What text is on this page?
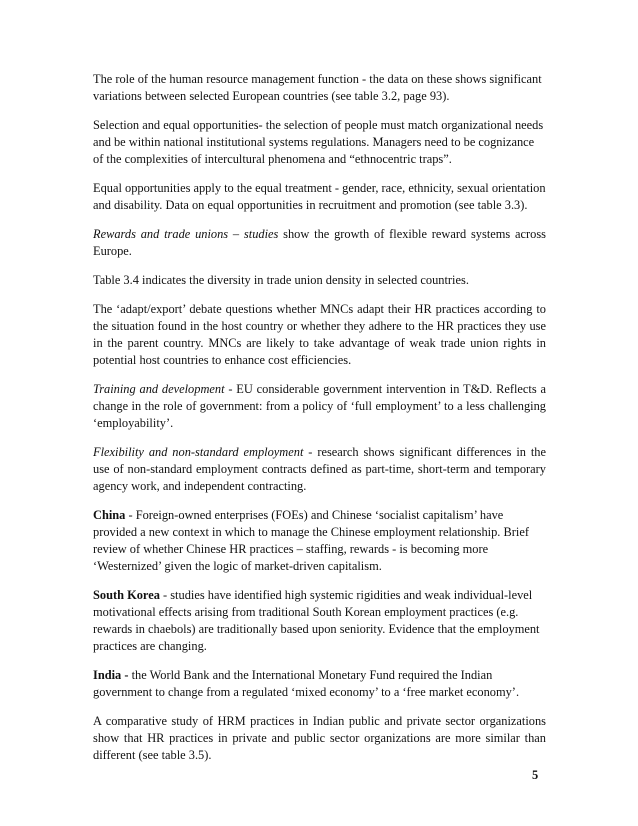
The role of the human resource management function - the data on these shows significant variations between selected European countries (see table 3.2, page 93).

Selection and equal opportunities- the selection of people must match organizational needs and be within national institutional systems regulations. Managers need to be cognizance of the complexities of intercultural phenomena and “ethnocentric traps”.

Equal opportunities apply to the equal treatment - gender, race, ethnicity, sexual orientation and disability. Data on equal opportunities in recruitment and promotion (see table 3.3).

Rewards and trade unions – studies show the growth of flexible reward systems across Europe.

Table 3.4 indicates the diversity in trade union density in selected countries.

The ‘adapt/export’ debate questions whether MNCs adapt their HR practices according to the situation found in the host country or whether they adhere to the HR practices they use in the parent country. MNCs are likely to take advantage of weak trade union rights in potential host countries to enhance cost efficiencies.

Training and development - EU considerable government intervention in T&D. Reflects a change in the role of government: from a policy of ‘full employment’ to a less challenging ‘employability’.

Flexibility and non-standard employment - research shows significant differences in the use of non-standard employment contracts defined as part-time, short-term and temporary agency work, and independent contracting.

China - Foreign-owned enterprises (FOEs) and Chinese ‘socialist capitalism’ have provided a new context in which to manage the Chinese employment relationship. Brief review of whether Chinese HR practices – staffing, rewards - is becoming more ‘Westernized’ given the logic of market-driven capitalism.

South Korea - studies have identified high systemic rigidities and weak individual-level motivational effects arising from traditional South Korean employment practices (e.g. rewards in chaebols) are traditionally based upon seniority. Evidence that the employment practices are changing.

India - the World Bank and the International Monetary Fund required the Indian government to change from a regulated ‘mixed economy’ to a ‘free market economy’.

A comparative study of HRM practices in Indian public and private sector organizations show that HR practices in private and public sector organizations are more similar than different (see table 3.5).

5
